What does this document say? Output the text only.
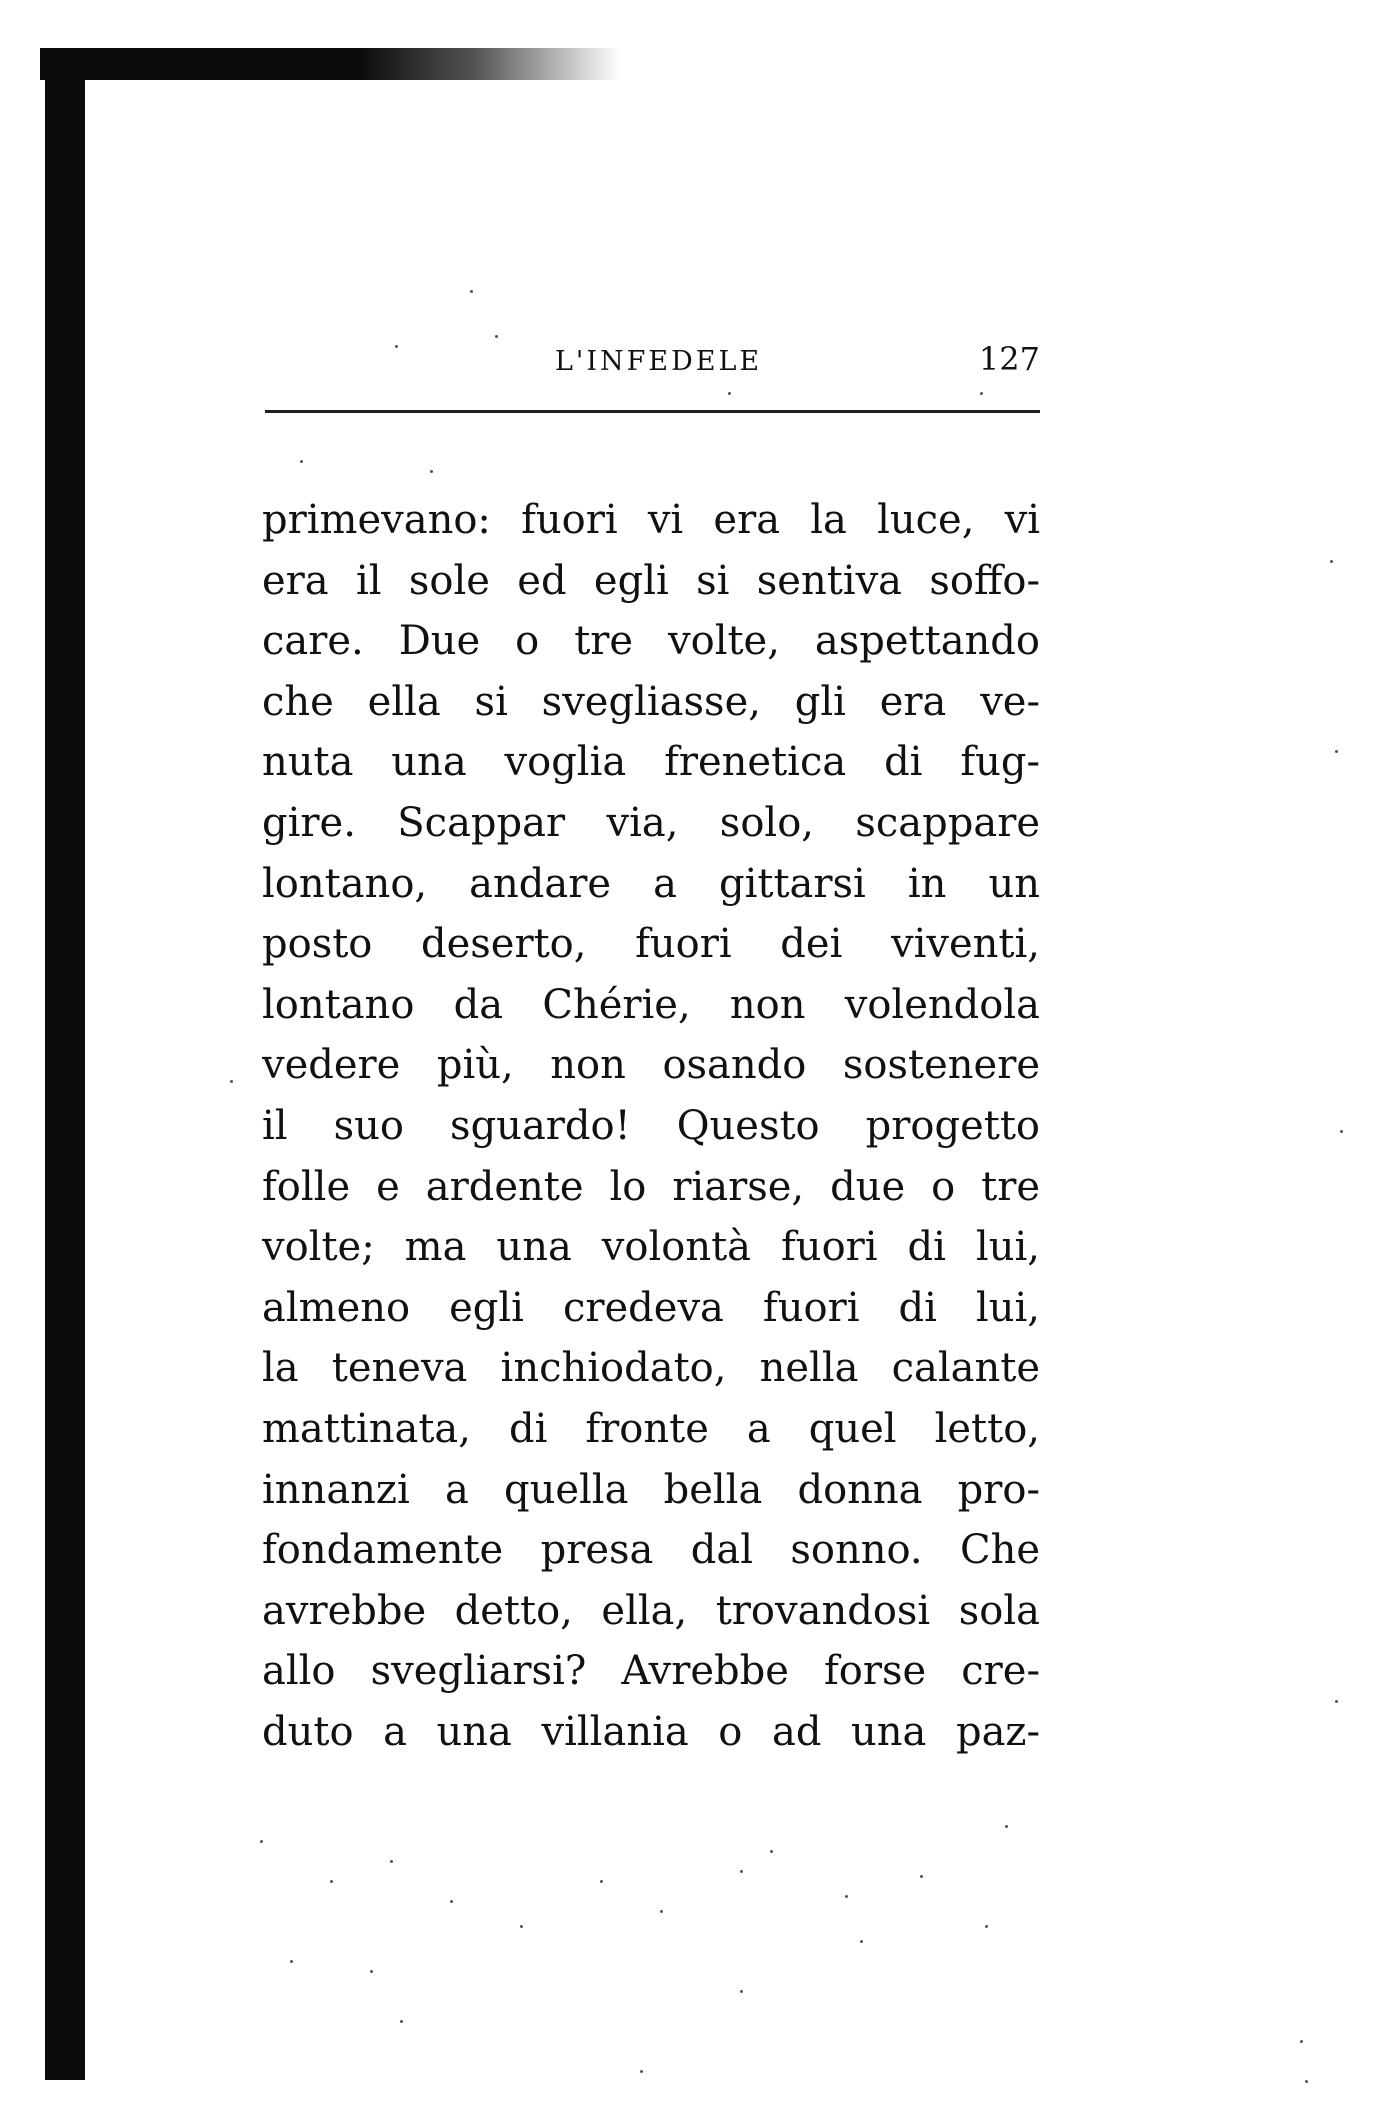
L'INFEDELE	127
primevano: fuori vi era la luce, vi
era il sole ed egli si sentiva soffo-
care. Due o tre volte, aspettando
che ella si svegliasse, gli era ve-
nuta una voglia frenetica di fug-
gire. Scappar via, solo, scappare
lontano, andare a gittarsi in un
posto deserto, fuori dei viventi,
lontano da Chérie, non volendola
vedere più, non osando sostenere
il suo sguardo! Questo progetto
folle e ardente lo riarse, due o tre
volte; ma una volontà fuori di lui,
almeno egli credeva fuori di lui,
la teneva inchiodato, nella calante
mattinata, di fronte a quel letto,
innanzi a quella bella donna pro-
fondamente presa dal sonno. Che
avrebbe detto, ella, trovandosi sola
allo svegliarsi? Avrebbe forse cre-
duto a una villania o ad una paz-
